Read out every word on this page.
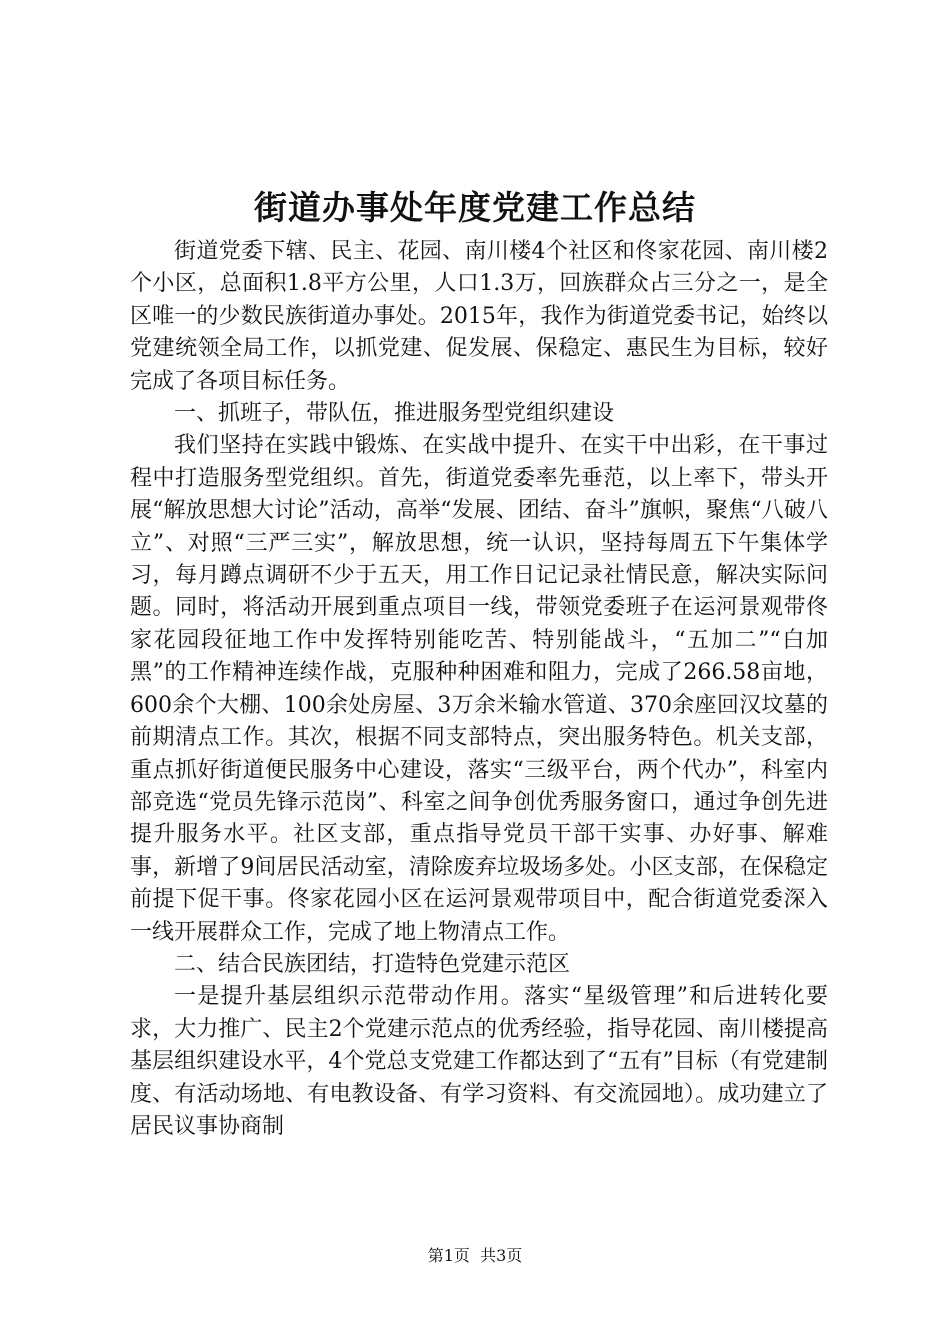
街道办事处年度党建工作总结

街道党委下辖、民主、花园、南川楼4个社区和佟家花园、南川楼2个小区，总面积1.8平方公里，人口1.3万，回族群众占三分之一，是全区唯一的少数民族街道办事处。2015年，我作为街道党委书记，始终以党建统领全局工作，以抓党建、促发展、保稳定、惠民生为目标，较好完成了各项目标任务。

一、抓班子，带队伍，推进服务型党组织建设

我们坚持在实践中锻炼、在实战中提升、在实干中出彩，在干事过程中打造服务型党组织。首先，街道党委率先垂范，以上率下，带头开展“解放思想大讨论”活动，高举“发展、团结、奋斗”旗帜，聚焦“八破八立”、对照“三严三实”，解放思想，统一认识，坚持每周五下午集体学习，每月蹲点调研不少于五天，用工作日记记录社情民意，解决实际问题。同时，将活动开展到重点项目一线，带领党委班子在运河景观带佟家花园段征地工作中发挥特别能吃苦、特别能战斗，“五加二”“白加黑”的工作精神连续作战，克服种种困难和阻力，完成了266.58亩地，600余个大棚、100余处房屋、3万余米输水管道、370余座回汉坟墓的前期清点工作。其次，根据不同支部特点，突出服务特色。机关支部，重点抓好街道便民服务中心建设，落实“三级平台，两个代办”，科室内部竞选“党员先锋示范岗”、科室之间争创优秀服务窗口，通过争创先进提升服务水平。社区支部，重点指导党员干部干实事、办好事、解难事，新增了9间居民活动室，清除废弃垃圾场多处。小区支部，在保稳定前提下促干事。佟家花园小区在运河景观带项目中，配合街道党委深入一线开展群众工作，完成了地上物清点工作。

二、结合民族团结，打造特色党建示范区

一是提升基层组织示范带动作用。落实“星级管理”和后进转化要求，大力推广、民主2个党建示范点的优秀经验，指导花园、南川楼提高基层组织建设水平，4个党总支党建工作都达到了“五有”目标（有党建制度、有活动场地、有电教设备、有学习资料、有交流园地）。成功建立了居民议事协商制

第1页 共3页
